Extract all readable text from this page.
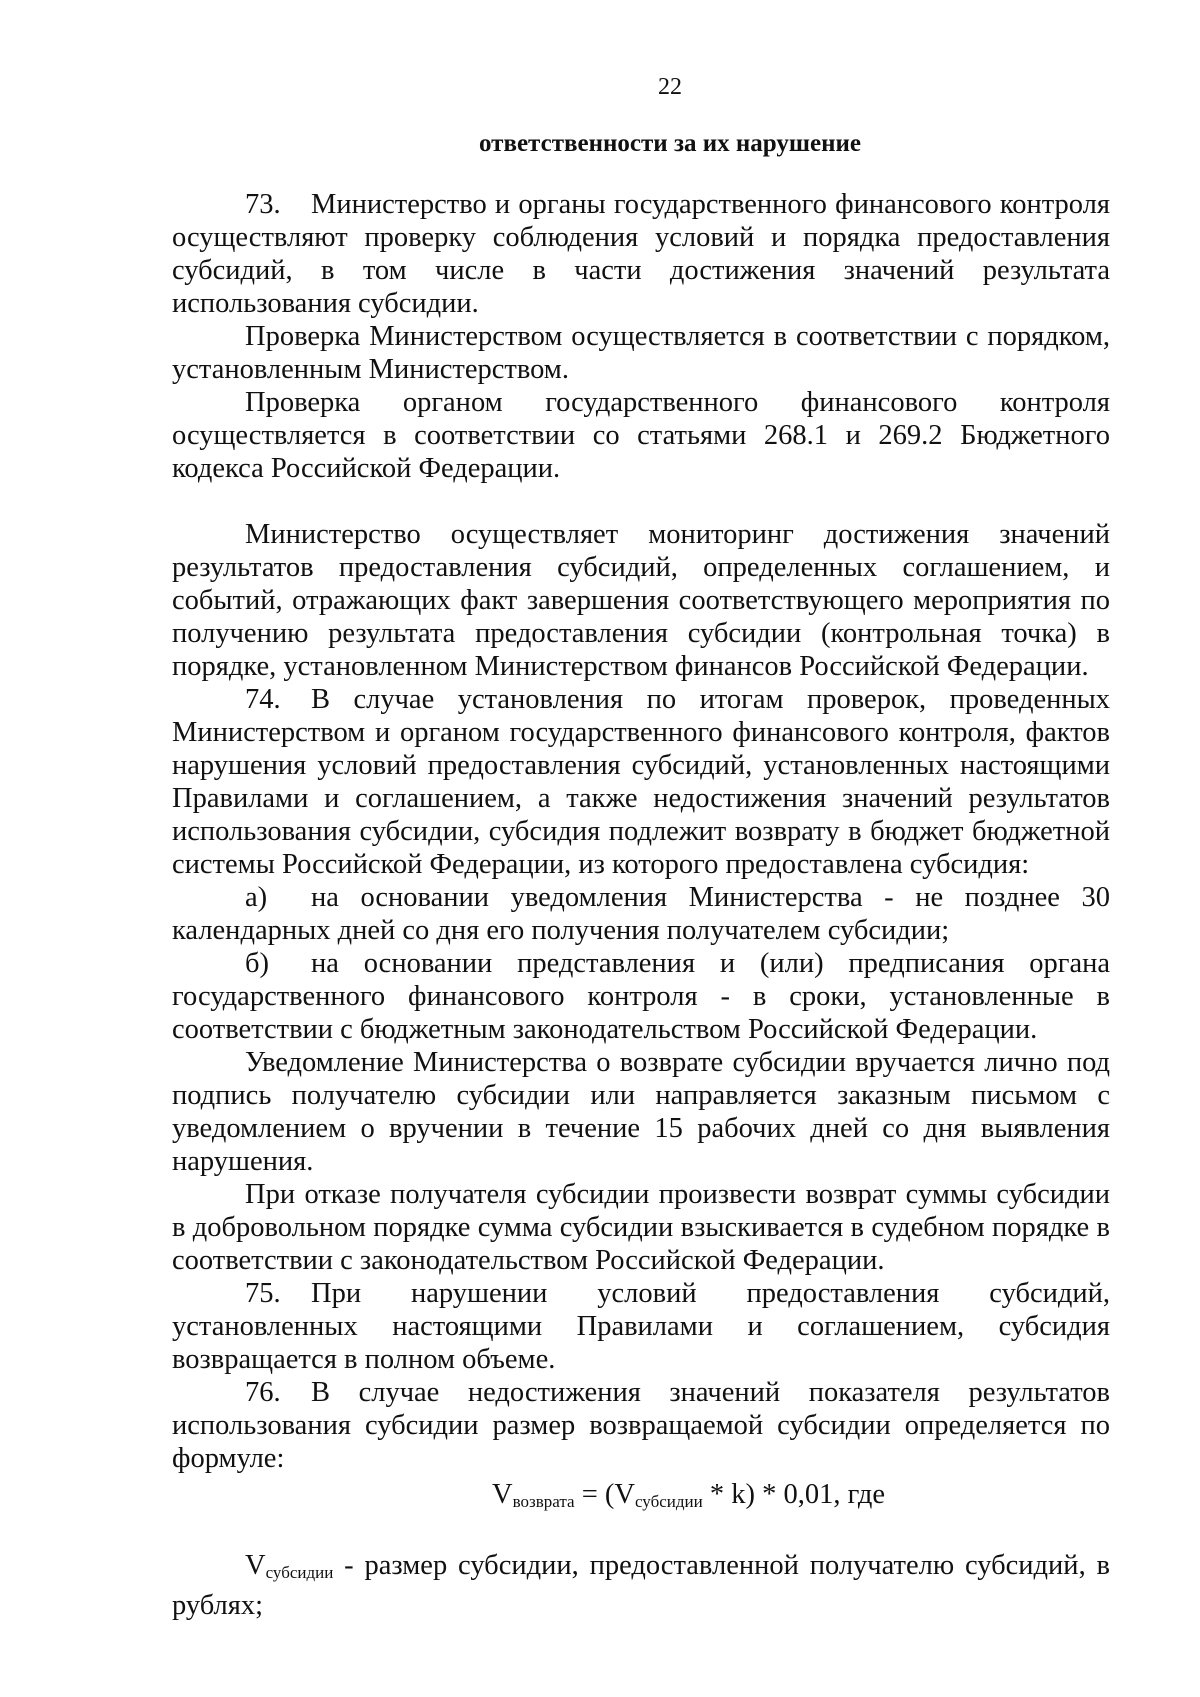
22
ответственности за их нарушение

73. Министерство и органы государственного финансового контроля осуществляют проверку соблюдения условий и порядка предоставления субсидий, в том числе в части достижения значений результата использования субсидии.

Проверка Министерством осуществляется в соответствии с порядком, установленным Министерством.

Проверка органом государственного финансового контроля осуществляется в соответствии со статьями 268.1 и 269.2 Бюджетного кодекса Российской Федерации.

Министерство осуществляет мониторинг достижения значений результатов предоставления субсидий, определенных соглашением, и событий, отражающих факт завершения соответствующего мероприятия по получению результата предоставления субсидии (контрольная точка) в порядке, установленном Министерством финансов Российской Федерации.

74. В случае установления по итогам проверок, проведенных Министерством и органом государственного финансового контроля, фактов нарушения условий предоставления субсидий, установленных настоящими Правилами и соглашением, а также недостижения значений результатов использования субсидии, субсидия подлежит возврату в бюджет бюджетной системы Российской Федерации, из которого предоставлена субсидия:

а) на основании уведомления Министерства - не позднее 30 календарных дней со дня его получения получателем субсидии;

б) на основании представления и (или) предписания органа государственного финансового контроля - в сроки, установленные в соответствии с бюджетным законодательством Российской Федерации.

Уведомление Министерства о возврате субсидии вручается лично под подпись получателю субсидии или направляется заказным письмом с уведомлением о вручении в течение 15 рабочих дней со дня выявления нарушения.

При отказе получателя субсидии произвести возврат суммы субсидии в добровольном порядке сумма субсидии взыскивается в судебном порядке в соответствии с законодательством Российской Федерации.

75. При нарушении условий предоставления субсидий, установленных настоящими Правилами и соглашением, субсидия возвращается в полном объеме.

76. В случае недостижения значений показателя результатов использования субсидии размер возвращаемой субсидии определяется по формуле:

$V_{возврата} = (V_{субсидии} * k) * 0,01$, где

$V_{субсидии}$ - размер субсидии, предоставленной получателю субсидий, в рублях;
